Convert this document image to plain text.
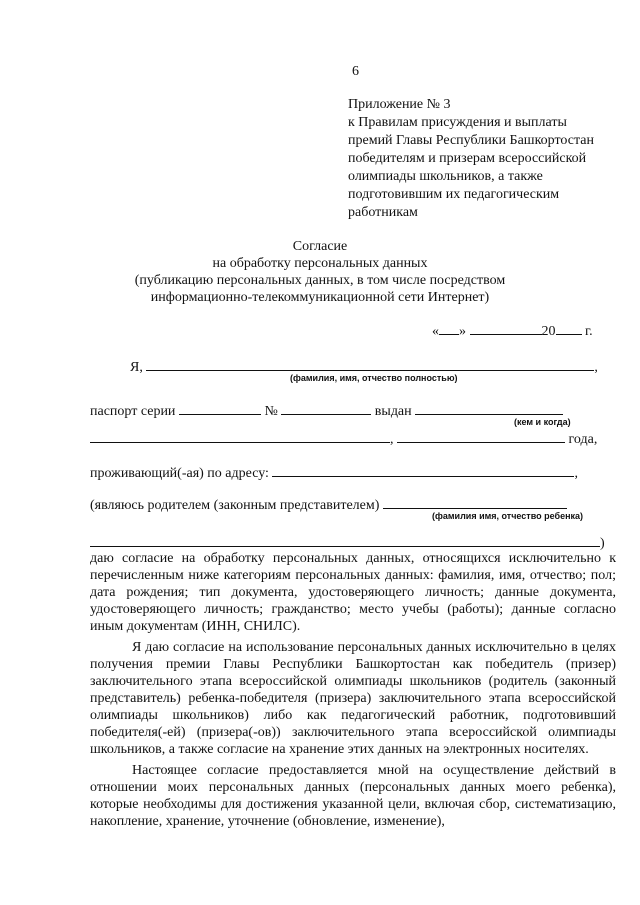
6
Приложение № 3
к Правилам присуждения и выплаты
премий Главы Республики Башкортостан
победителям и призерам всероссийской
олимпиады школьников, а также
подготовившим их педагогическим
работникам
Согласие
на обработку персональных данных
(публикацию персональных данных, в том числе посредством
информационно-телекоммуникационной сети Интернет)
« »	20 г.
Я,	,
(фамилия, имя, отчество полностью)
паспорт серии	№	выдан
(кем и когда)
,	года,
проживающий(-ая) по адресу:	,
(являюсь родителем (законным представителем)
(фамилия имя, отчество ребенка)
)
даю согласие на обработку персональных данных, относящихся исключительно к перечисленным ниже категориям персональных данных: фамилия, имя, отчество; пол; дата рождения; тип документа, удостоверяющего личность; данные документа, удостоверяющего личность; гражданство; место учебы (работы); данные согласно иным документам (ИНН, СНИЛС).
Я даю согласие на использование персональных данных исключительно в целях получения премии Главы Республики Башкортостан как победитель (призер) заключительного этапа всероссийской олимпиады школьников (родитель (законный представитель) ребенка-победителя (призера) заключительного этапа всероссийской олимпиады школьников) либо как педагогический работник, подготовивший победителя(-ей) (призера(-ов)) заключительного этапа всероссийской олимпиады школьников, а также согласие на хранение этих данных на электронных носителях.
Настоящее согласие предоставляется мной на осуществление действий в отношении моих персональных данных (персональных данных моего ребенка), которые необходимы для достижения указанной цели, включая сбор, систематизацию, накопление, хранение, уточнение (обновление, изменение),
